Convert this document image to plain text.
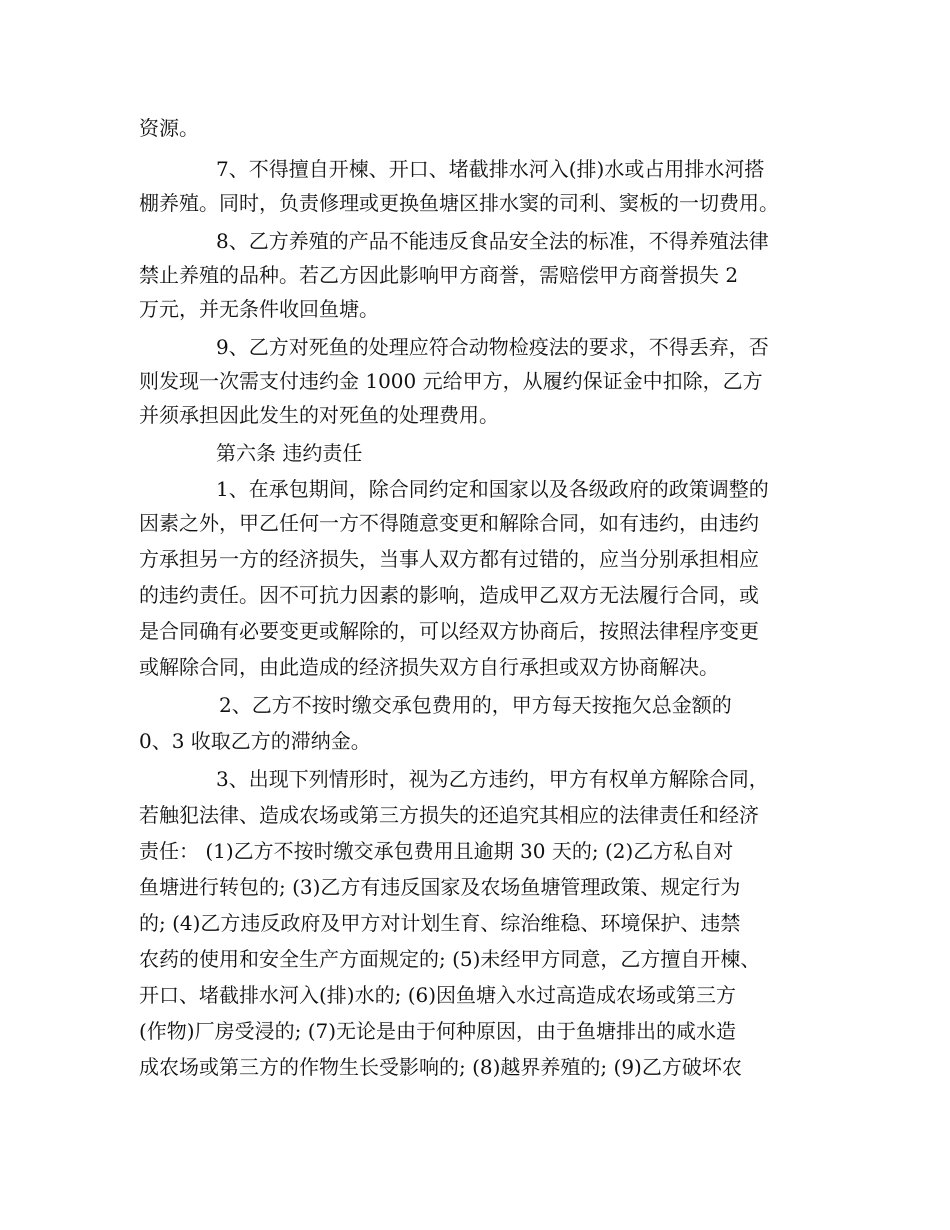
资源。
7、不得擅自开楝、开口、堵截排水河入(排)水或占用排水河搭
棚养殖。同时，负责修理或更换鱼塘区排水窦的司利、窦板的一切费用。
8、乙方养殖的产品不能违反食品安全法的标准，不得养殖法律
禁止养殖的品种。若乙方因此影响甲方商誉，需赔偿甲方商誉损失 2
万元，并无条件收回鱼塘。
9、乙方对死鱼的处理应符合动物检疫法的要求，不得丢弃，否
则发现一次需支付违约金 1000 元给甲方，从履约保证金中扣除，乙方
并须承担因此发生的对死鱼的处理费用。
第六条 违约责任
1、在承包期间，除合同约定和国家以及各级政府的政策调整的
因素之外，甲乙任何一方不得随意变更和解除合同，如有违约，由违约
方承担另一方的经济损失，当事人双方都有过错的，应当分别承担相应
的违约责任。因不可抗力因素的影响，造成甲乙双方无法履行合同，或
是合同确有必要变更或解除的，可以经双方协商后，按照法律程序变更
或解除合同，由此造成的经济损失双方自行承担或双方协商解决。
2、乙方不按时缴交承包费用的，甲方每天按拖欠总金额的
0、3 收取乙方的滞纳金。
3、出现下列情形时，视为乙方违约，甲方有权单方解除合同，
若触犯法律、造成农场或第三方损失的还追究其相应的法律责任和经济
责任： (1)乙方不按时缴交承包费用且逾期 30 天的; (2)乙方私自对
鱼塘进行转包的; (3)乙方有违反国家及农场鱼塘管理政策、规定行为
的; (4)乙方违反政府及甲方对计划生育、综治维稳、环境保护、违禁
农药的使用和安全生产方面规定的; (5)未经甲方同意，乙方擅自开楝、
开口、堵截排水河入(排)水的; (6)因鱼塘入水过高造成农场或第三方
(作物)厂房受浸的; (7)无论是由于何种原因，由于鱼塘排出的咸水造
成农场或第三方的作物生长受影响的; (8)越界养殖的; (9)乙方破坏农
